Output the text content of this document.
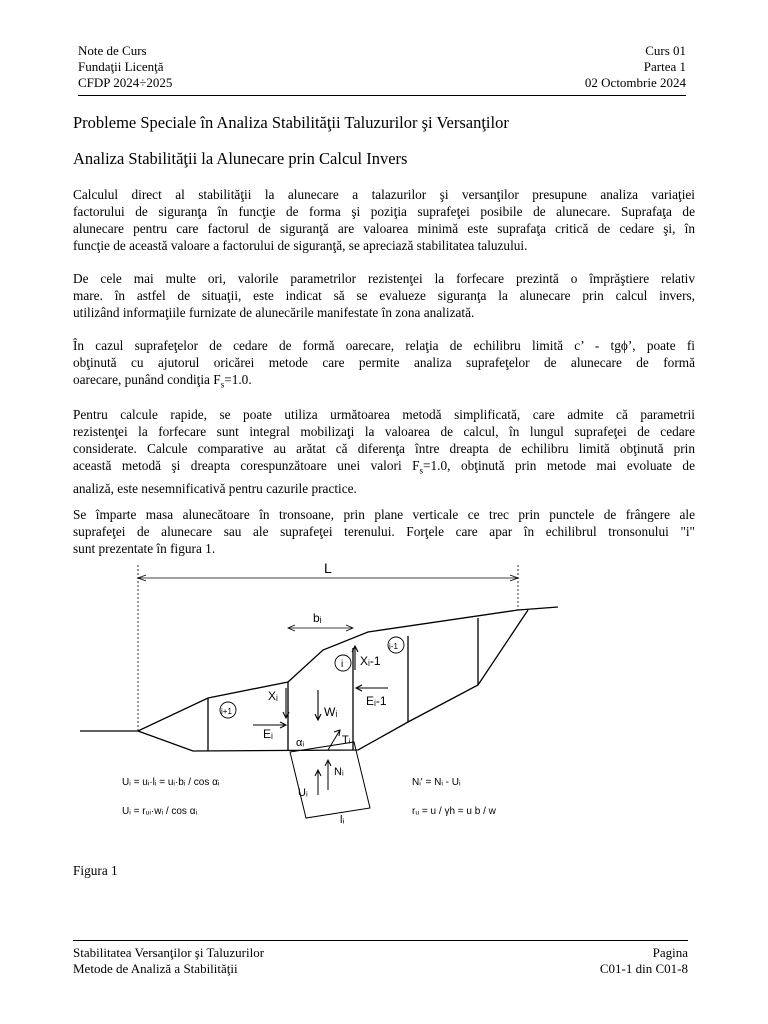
Note de Curs
Fundaţii Licenţă
CFDP 2024÷2025
Curs 01
Partea 1
02 Octombrie 2024
Probleme Speciale în Analiza Stabilităţii Taluzurilor şi Versanţilor
Analiza Stabilităţii la Alunecare prin Calcul Invers
Calculul direct al stabilităţii la alunecare a talazurilor şi versanţilor presupune analiza variaţiei
factorului de siguranţa în funcţie de forma şi poziţia suprafeţei posibile de alunecare. Suprafaţa de
alunecare pentru care factorul de siguranţă are valoarea minimă este suprafaţa critică de cedare şi, în
funcţie de această valoare a factorului de siguranţă, se apreciază stabilitatea taluzului.
De cele mai multe ori, valorile parametrilor rezistenţei la forfecare prezintă o împrăştiere relativ
mare. în astfel de situaţii, este indicat să se evalueze siguranţa la alunecare prin calcul invers,
utilizând informaţiile furnizate de alunecările manifestate în zona analizată.
În cazul suprafeţelor de cedare de formă oarecare, relaţia de echilibru limită c’ - tgϕ’, poate fi
obţinută cu ajutorul oricărei metode care permite analiza suprafeţelor de alunecare de formă
oarecare, punând condiţia $F_s=1.0$.
Pentru calcule rapide, se poate utiliza următoarea metodă simplificată, care admite că parametrii
rezistenţei la forfecare sunt integral mobilizaţi la valoarea de calcul, în lungul suprafeţei de cedare
considerate. Calcule comparative au arătat că diferenţa între dreapta de echilibru limită obţinută prin
această metodă şi dreapta corespunzătoare unei valori $F_s=1.0$, obţinută prin metode mai evoluate de
analiză, este nesemnificativă pentru cazurile practice.
Se împarte masa alunecătoare în tronsoane, prin plane verticale ce trec prin punctele de frângere ale
suprafeţei de alunecare sau ale suprafeţei terenului. Forţele care apar în echilibrul tronsonului "i"
sunt prezentate în figura 1.
L
bᵢ
i+1
i
i-1
Xᵢ
Xᵢ-1
Eᵢ
Eᵢ-1
Wᵢ
αᵢ	Tᵢ
Nᵢ
Uᵢ
lᵢ
Uᵢ = uᵢ·lᵢ = uᵢ·bᵢ / cos αᵢ
Uᵢ = rᵤᵢ·wᵢ / cos αᵢ
Nᵢ' = Nᵢ - Uᵢ
rᵤ = u / γh = u b / w
Figura 1
Stabilitatea Versanţilor şi Taluzurilor
Metode de Analiză a Stabilităţii
Pagina
C01-1 din C01-8
